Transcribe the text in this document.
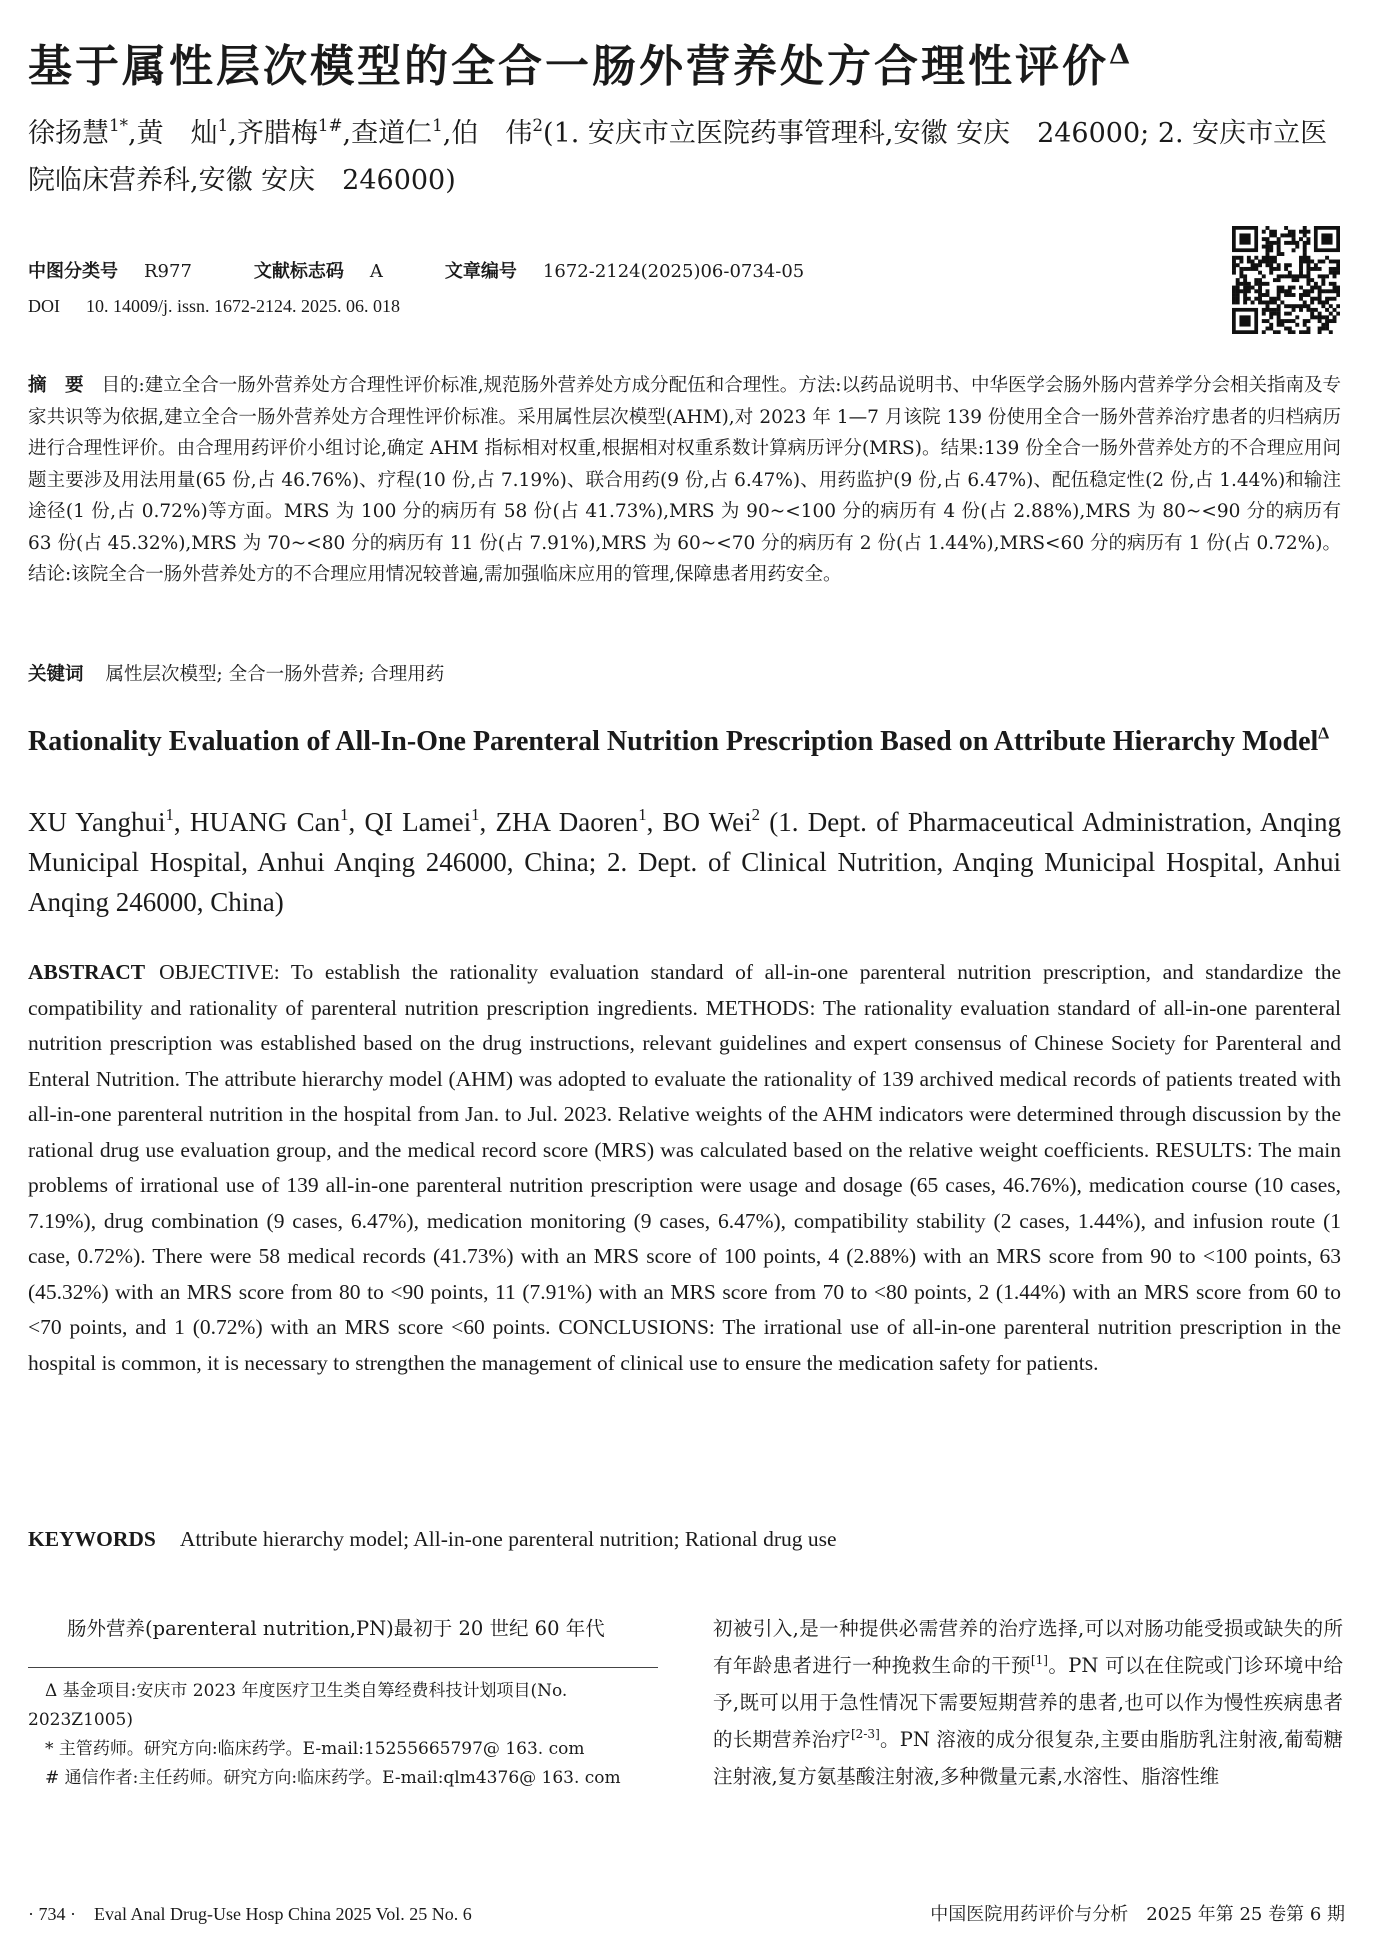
基于属性层次模型的全合一肠外营养处方合理性评价$^\Delta$
徐扬慧$^{1*}$,黄　灿$^1$,齐腊梅$^{1\#}$,查道仁$^1$,伯　伟$^2$(1. 安庆市立医院药事管理科,安徽 安庆　246000; 2. 安庆市立医院临床营养科,安徽 安庆　246000)
中图分类号 R977	文献标志码 A	文章编号 1672-2124(2025)06-0734-05
DOI 10. 14009/j. issn. 1672-2124. 2025. 06. 018
摘　要 目的:建立全合一肠外营养处方合理性评价标准,规范肠外营养处方成分配伍和合理性。方法:以药品说明书、中华医学会肠外肠内营养学分会相关指南及专家共识等为依据,建立全合一肠外营养处方合理性评价标准。采用属性层次模型(AHM),对 2023 年 1—7 月该院 139 份使用全合一肠外营养治疗患者的归档病历进行合理性评价。由合理用药评价小组讨论,确定 AHM 指标相对权重,根据相对权重系数计算病历评分(MRS)。结果:139 份全合一肠外营养处方的不合理应用问题主要涉及用法用量(65 份,占 46.76%)、疗程(10 份,占 7.19%)、联合用药(9 份,占 6.47%)、用药监护(9 份,占 6.47%)、配伍稳定性(2 份,占 1.44%)和输注途径(1 份,占 0.72%)等方面。MRS 为 100 分的病历有 58 份(占 41.73%),MRS 为 90~<100 分的病历有 4 份(占 2.88%),MRS 为 80~<90 分的病历有 63 份(占 45.32%),MRS 为 70~<80 分的病历有 11 份(占 7.91%),MRS 为 60~<70 分的病历有 2 份(占 1.44%),MRS<60 分的病历有 1 份(占 0.72%)。结论:该院全合一肠外营养处方的不合理应用情况较普遍,需加强临床应用的管理,保障患者用药安全。
关键词 属性层次模型; 全合一肠外营养; 合理用药
Rationality Evaluation of All-In-One Parenteral Nutrition Prescription Based on Attribute Hierarchy Model$^\Delta$
XU Yanghui$^1$, HUANG Can$^1$, QI Lamei$^1$, ZHA Daoren$^1$, BO Wei$^2$ (1. Dept. of Pharmaceutical Administration, Anqing Municipal Hospital, Anhui Anqing 246000, China; 2. Dept. of Clinical Nutrition, Anqing Municipal Hospital, Anhui Anqing 246000, China)
ABSTRACT OBJECTIVE: To establish the rationality evaluation standard of all-in-one parenteral nutrition prescription, and standardize the compatibility and rationality of parenteral nutrition prescription ingredients. METHODS: The rationality evaluation standard of all-in-one parenteral nutrition prescription was established based on the drug instructions, relevant guidelines and expert consensus of Chinese Society for Parenteral and Enteral Nutrition. The attribute hierarchy model (AHM) was adopted to evaluate the rationality of 139 archived medical records of patients treated with all-in-one parenteral nutrition in the hospital from Jan. to Jul. 2023. Relative weights of the AHM indicators were determined through discussion by the rational drug use evaluation group, and the medical record score (MRS) was calculated based on the relative weight coefficients. RESULTS: The main problems of irrational use of 139 all-in-one parenteral nutrition prescription were usage and dosage (65 cases, 46.76%), medication course (10 cases, 7.19%), drug combination (9 cases, 6.47%), medication monitoring (9 cases, 6.47%), compatibility stability (2 cases, 1.44%), and infusion route (1 case, 0.72%). There were 58 medical records (41.73%) with an MRS score of 100 points, 4 (2.88%) with an MRS score from 90 to <100 points, 63 (45.32%) with an MRS score from 80 to <90 points, 11 (7.91%) with an MRS score from 70 to <80 points, 2 (1.44%) with an MRS score from 60 to <70 points, and 1 (0.72%) with an MRS score <60 points. CONCLUSIONS: The irrational use of all-in-one parenteral nutrition prescription in the hospital is common, it is necessary to strengthen the management of clinical use to ensure the medication safety for patients.
KEYWORDS Attribute hierarchy model; All-in-one parenteral nutrition; Rational drug use
肠外营养(parenteral nutrition,PN)最初于 20 世纪 60 年代
Δ 基金项目:安庆市 2023 年度医疗卫生类自筹经费科技计划项目(No. 2023Z1005)
* 主管药师。研究方向:临床药学。E-mail:15255665797@ 163. com
# 通信作者:主任药师。研究方向:临床药学。E-mail:qlm4376@ 163. com
初被引入,是一种提供必需营养的治疗选择,可以对肠功能受损或缺失的所有年龄患者进行一种挽救生命的干预[1]。PN 可以在住院或门诊环境中给予,既可以用于急性情况下需要短期营养的患者,也可以作为慢性疾病患者的长期营养治疗[2-3]。PN 溶液的成分很复杂,主要由脂肪乳注射液,葡萄糖注射液,复方氨基酸注射液,多种微量元素,水溶性、脂溶性维
· 734 ·　Eval Anal Drug-Use Hosp China 2025 Vol. 25 No. 6	中国医院用药评价与分析　2025 年第 25 卷第 6 期
